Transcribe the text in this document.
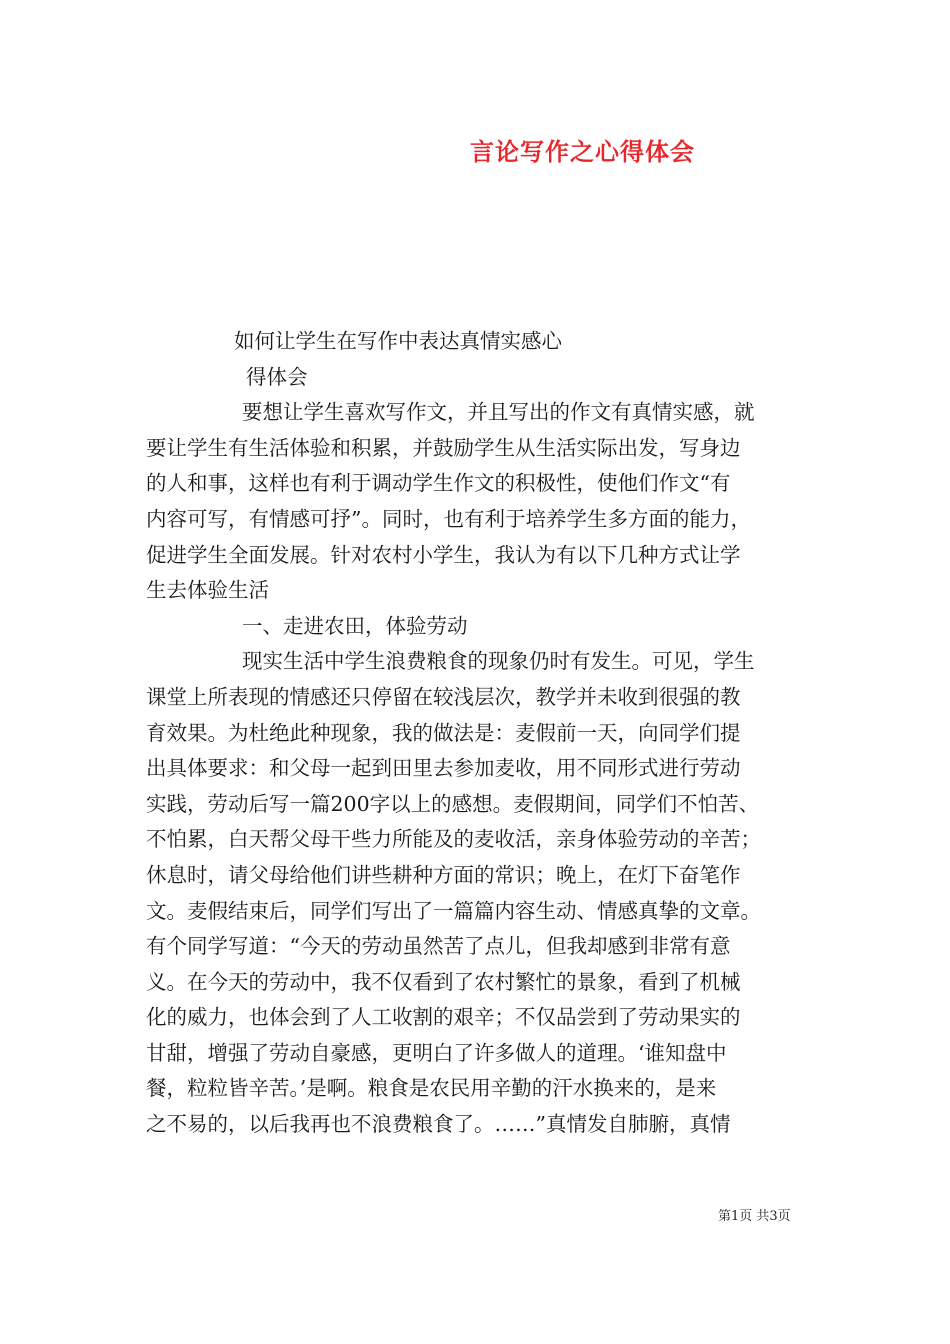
言论写作之心得体会
如何让学生在写作中表达真情实感心
得体会
要想让学生喜欢写作文，并且写出的作文有真情实感，就
要让学生有生活体验和积累，并鼓励学生从生活实际出发，写身边
的人和事，这样也有利于调动学生作文的积极性，使他们作文“有
内容可写，有情感可抒”。同时，也有利于培养学生多方面的能力，
促进学生全面发展。针对农村小学生，我认为有以下几种方式让学
生去体验生活
一、走进农田，体验劳动
现实生活中学生浪费粮食的现象仍时有发生。可见，学生
课堂上所表现的情感还只停留在较浅层次，教学并未收到很强的教
育效果。为杜绝此种现象，我的做法是：麦假前一天，向同学们提
出具体要求：和父母一起到田里去参加麦收，用不同形式进行劳动
实践，劳动后写一篇200字以上的感想。麦假期间，同学们不怕苦、
不怕累，白天帮父母干些力所能及的麦收活，亲身体验劳动的辛苦；
休息时，请父母给他们讲些耕种方面的常识；晚上，在灯下奋笔作
文。麦假结束后，同学们写出了一篇篇内容生动、情感真挚的文章。
有个同学写道：“今天的劳动虽然苦了点儿，但我却感到非常有意
义。在今天的劳动中，我不仅看到了农村繁忙的景象，看到了机械
化的威力，也体会到了人工收割的艰辛；不仅品尝到了劳动果实的
甘甜，增强了劳动自豪感，更明白了许多做人的道理。‘谁知盘中
餐，粒粒皆辛苦。’是啊。粮食是农民用辛勤的汗水换来的，是来
之不易的，以后我再也不浪费粮食了。……”真情发自肺腑，真情
第1页 共3页
